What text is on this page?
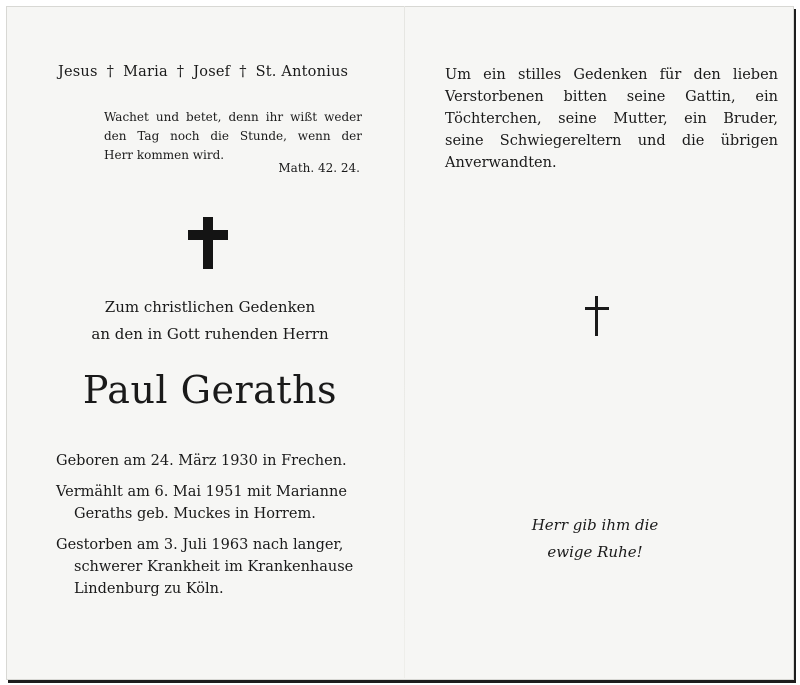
Jesus † Maria † Josef † St. Antonius
Wachet und betet, denn ihr wißt weder
den Tag noch die Stunde, wenn der
Herr kommen wird.
Math. 42. 24.
Zum christlichen Gedenken
an den in Gott ruhenden Herrn
Paul Geraths
Geboren am 24. März 1930 in Frechen.
Vermählt am 6. Mai 1951 mit Marianne
Geraths geb. Muckes in Horrem.
Gestorben am 3. Juli 1963 nach langer,
schwerer Krankheit im Krankenhause
Lindenburg zu Köln.
Um ein stilles Gedenken für den lieben
Verstorbenen bitten seine Gattin, ein
Töchterchen, seine Mutter, ein Bruder,
seine Schwiegereltern und die übrigen
Anverwandten.
Herr gib ihm die
ewige Ruhe!
